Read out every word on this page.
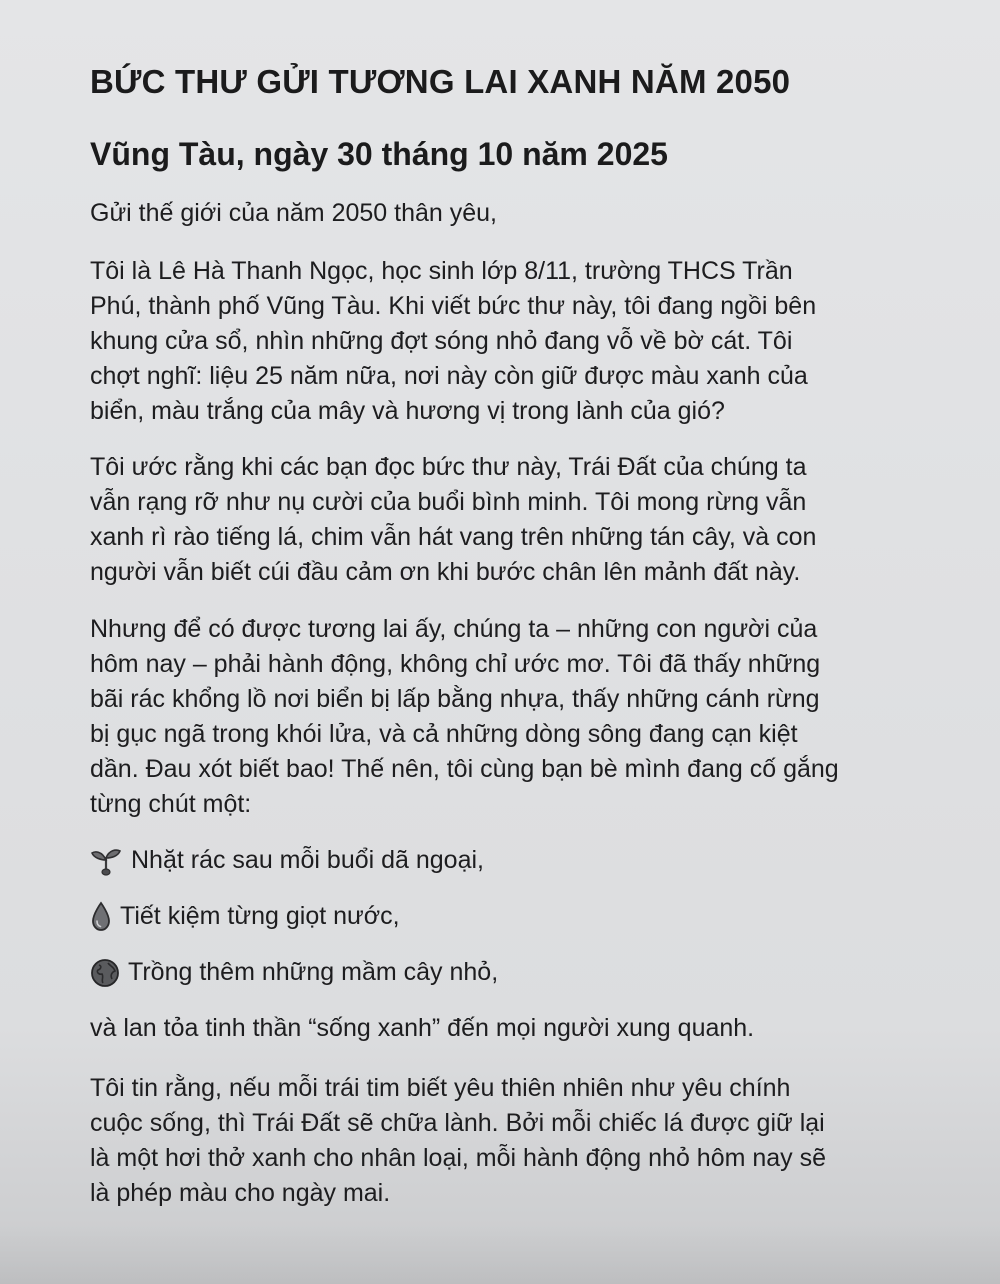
BỨC THƯ GỬI TƯƠNG LAI XANH NĂM 2050
Vũng Tàu, ngày 30 tháng 10 năm 2025

Gửi thế giới của năm 2050 thân yêu,

Tôi là Lê Hà Thanh Ngọc, học sinh lớp 8/11, trường THCS Trần
Phú, thành phố Vũng Tàu. Khi viết bức thư này, tôi đang ngồi bên
khung cửa sổ, nhìn những đợt sóng nhỏ đang vỗ về bờ cát. Tôi
chợt nghĩ: liệu 25 năm nữa, nơi này còn giữ được màu xanh của
biển, màu trắng của mây và hương vị trong lành của gió?

Tôi ước rằng khi các bạn đọc bức thư này, Trái Đất của chúng ta
vẫn rạng rỡ như nụ cười của buổi bình minh. Tôi mong rừng vẫn
xanh rì rào tiếng lá, chim vẫn hát vang trên những tán cây, và con
người vẫn biết cúi đầu cảm ơn khi bước chân lên mảnh đất này.

Nhưng để có được tương lai ấy, chúng ta – những con người của
hôm nay – phải hành động, không chỉ ước mơ. Tôi đã thấy những
bãi rác khổng lồ nơi biển bị lấp bằng nhựa, thấy những cánh rừng
bị gục ngã trong khói lửa, và cả những dòng sông đang cạn kiệt
dần. Đau xót biết bao! Thế nên, tôi cùng bạn bè mình đang cố gắng
từng chút một:

Nhặt rác sau mỗi buổi dã ngoại,
Tiết kiệm từng giọt nước,
Trồng thêm những mầm cây nhỏ,

và lan tỏa tinh thần “sống xanh” đến mọi người xung quanh.

Tôi tin rằng, nếu mỗi trái tim biết yêu thiên nhiên như yêu chính
cuộc sống, thì Trái Đất sẽ chữa lành. Bởi mỗi chiếc lá được giữ lại
là một hơi thở xanh cho nhân loại, mỗi hành động nhỏ hôm nay sẽ
là phép màu cho ngày mai.
